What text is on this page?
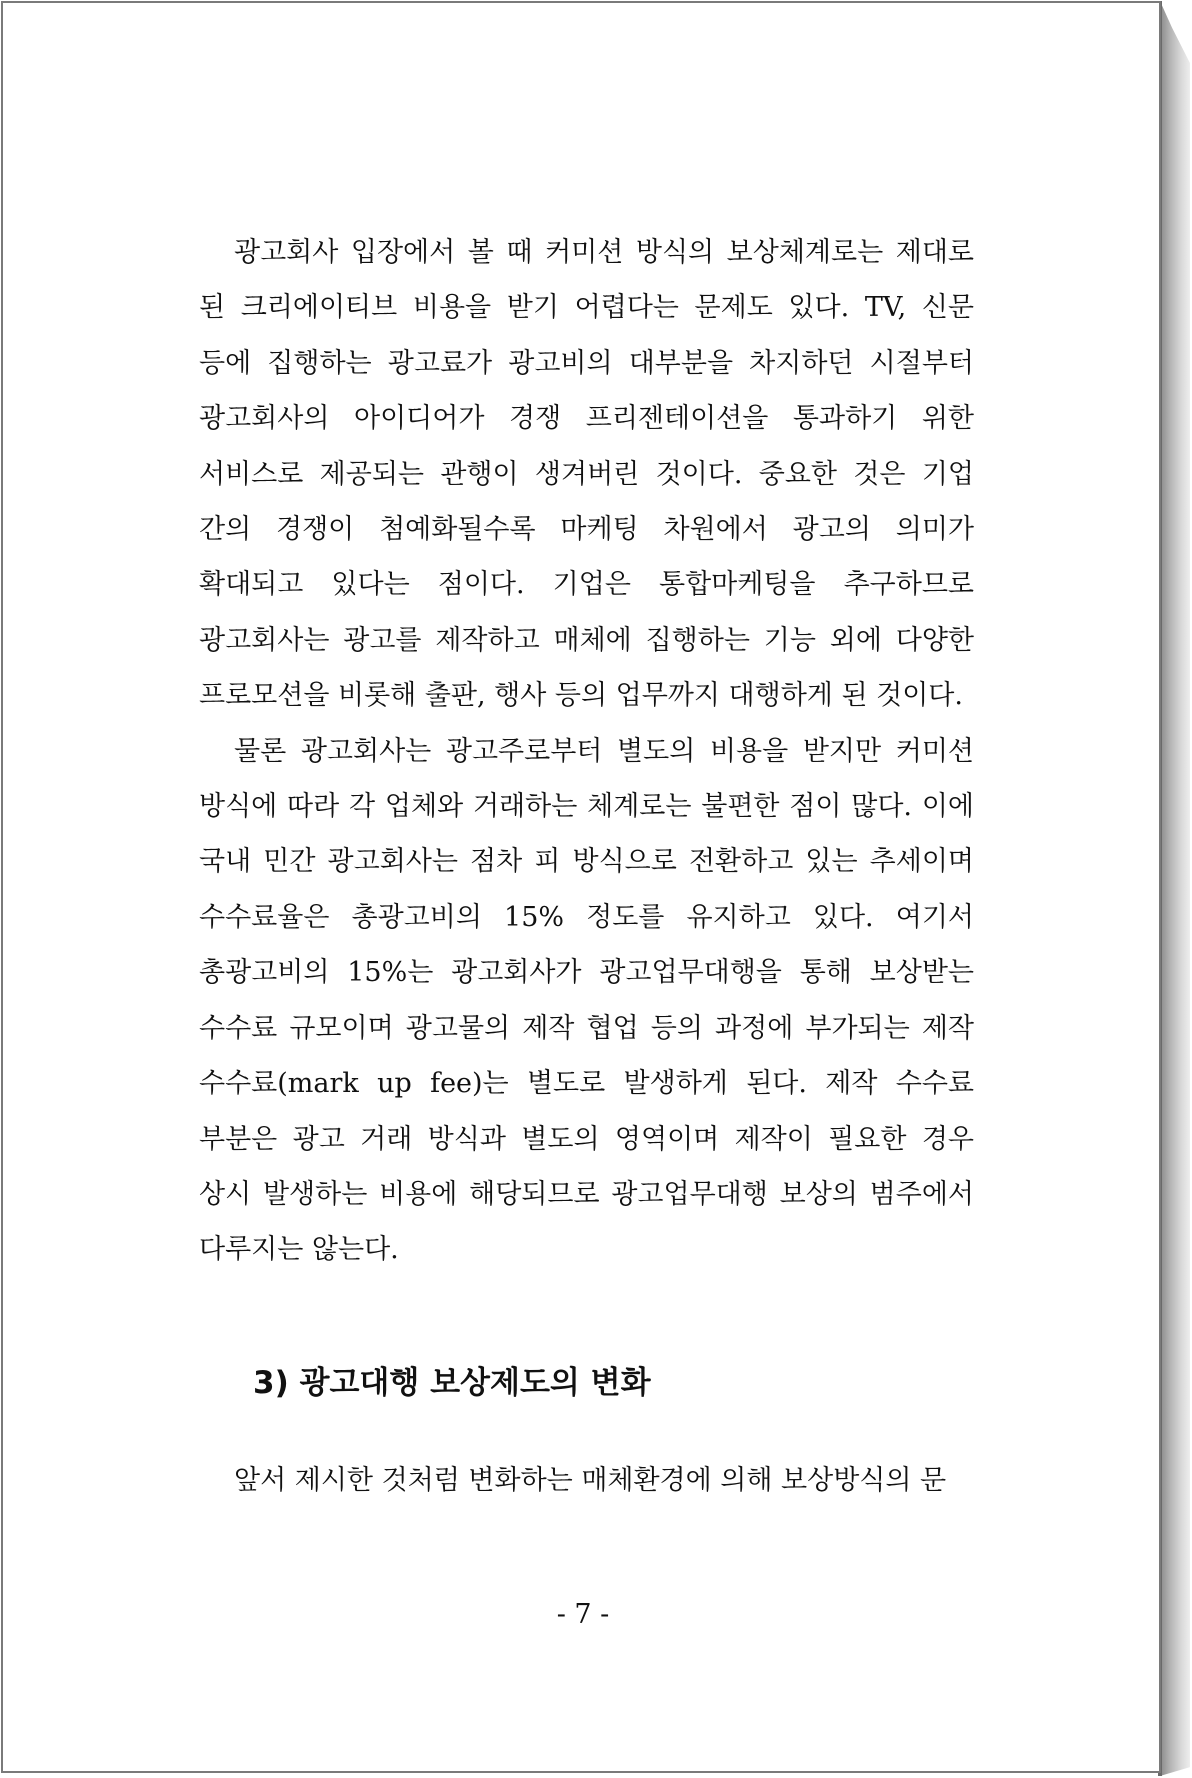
광고회사 입장에서 볼 때 커미션 방식의 보상체계로는 제대로 된 크리에이티브 비용을 받기 어렵다는 문제도 있다. TV, 신문 등에 집행하는 광고료가 광고비의 대부분을 차지하던 시절부터 광고회사의 아이디어가 경쟁 프리젠테이션을 통과하기 위한 서비스로 제공되는 관행이 생겨버린 것이다. 중요한 것은 기업 간의 경쟁이 첨예화될수록 마케팅 차원에서 광고의 의미가 확대되고 있다는 점이다. 기업은 통합마케팅을 추구하므로 광고회사는 광고를 제작하고 매체에 집행하는 기능 외에 다양한 프로모션을 비롯해 출판, 행사 등의 업무까지 대행하게 된 것이다.

물론 광고회사는 광고주로부터 별도의 비용을 받지만 커미션 방식에 따라 각 업체와 거래하는 체계로는 불편한 점이 많다. 이에 국내 민간 광고회사는 점차 피 방식으로 전환하고 있는 추세이며 수수료율은 총광고비의 15% 정도를 유지하고 있다. 여기서 총광고비의 15%는 광고회사가 광고업무대행을 통해 보상받는 수수료 규모이며 광고물의 제작 협업 등의 과정에 부가되는 제작 수수료(mark up fee)는 별도로 발생하게 된다. 제작 수수료 부분은 광고 거래 방식과 별도의 영역이며 제작이 필요한 경우 상시 발생하는 비용에 해당되므로 광고업무대행 보상의 범주에서 다루지는 않는다.

3) 광고대행 보상제도의 변화

앞서 제시한 것처럼 변화하는 매체환경에 의해 보상방식의 문

- 7 -
